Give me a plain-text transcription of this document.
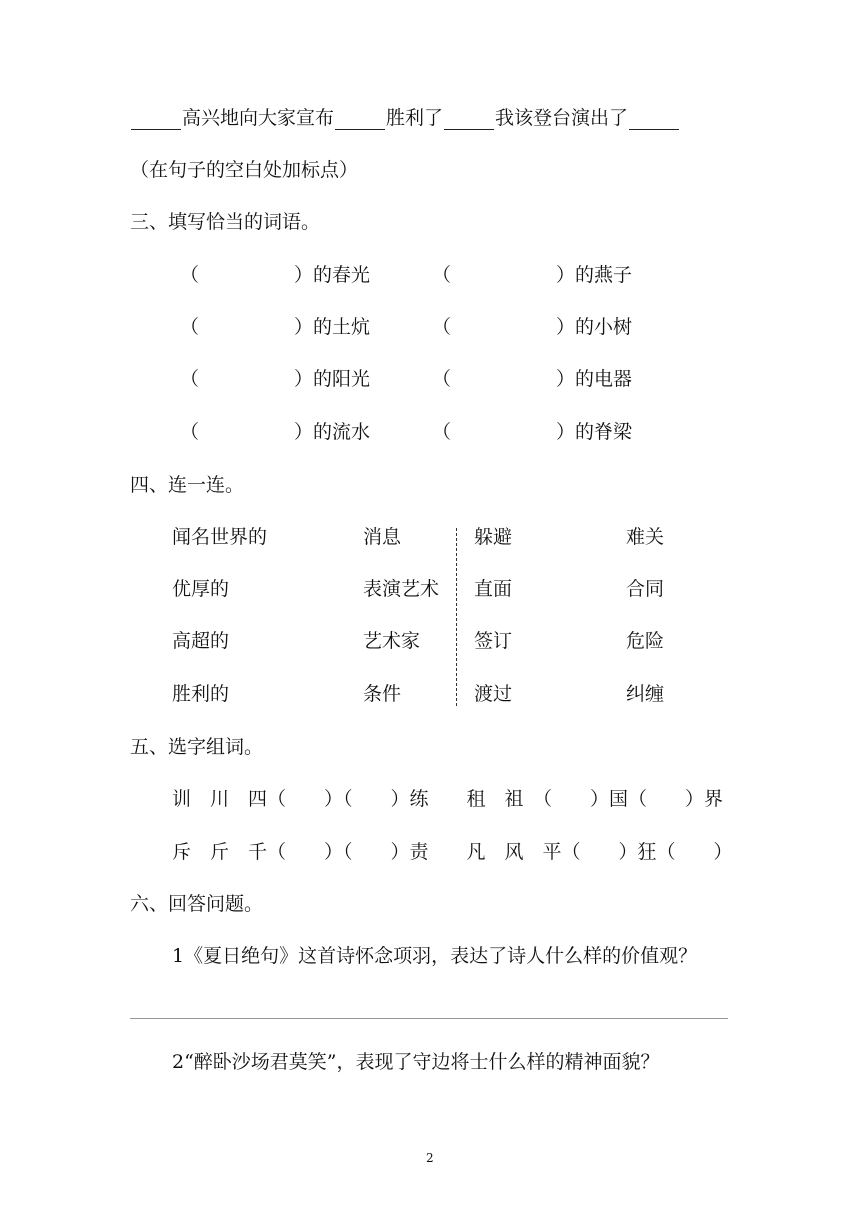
高兴地向大家宣布	胜利了	我该登台演出了
（在句子的空白处加标点）
三、填写恰当的词语。
（	）的春光	（	）的燕子
（	）的土炕	（	）的小树
（	）的阳光	（	）的电器
（	）的流水	（	）的脊梁
四、连一连。
闻名世界的	消息	躲避	难关
优厚的	表演艺术 直面	合同
高超的	艺术家	签订	危险
胜利的	条件	渡过	纠缠
五、选字组词。
训　川　四（　　）（　　）练　　租　祖　（　　）国（　　）界
斥　斤　千（　　）（　　）责　　凡　风　平（　　）狂（　　）
六、回答问题。
1《夏日绝句》这首诗怀念项羽，表达了诗人什么样的价值观？
2“醉卧沙场君莫笑”，表现了守边将士什么样的精神面貌？
2
